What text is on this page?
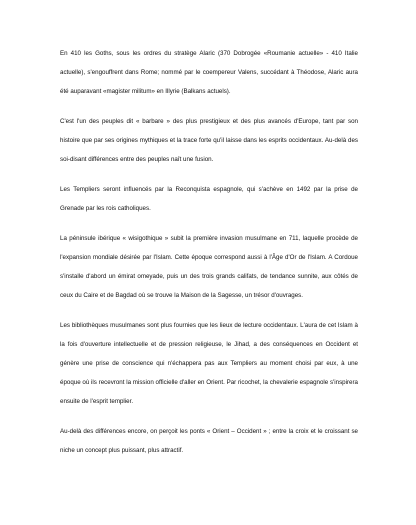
En 410 les Goths, sous les ordres du stratège Alaric (370 Dobrogée «Roumanie actuelle» - 410 Italie actuelle), s'engouffrent dans Rome; nommé par le coempereur Valens, succédant à Théodose, Alaric aura été auparavant «magister militum» en Illyrie (Balkans actuels).

C'est l'un des peuples dit « barbare » des plus prestigieux et des plus avancés d'Europe, tant par son histoire que par ses origines mythiques et la trace forte qu'il laisse dans les esprits occidentaux. Au-delà des soi-disant différences entre des peuples naît une fusion.

Les Templiers seront influencés par la Reconquista espagnole, qui s'achève en 1492 par la prise de Grenade par les rois catholiques.

La péninsule ibérique « wisigothique » subit la première invasion musulmane en 711, laquelle procède de l'expansion mondiale désirée par l'Islam. Cette époque correspond aussi à l'Âge d'Or de l'Islam. A Cordoue s'installe d'abord un émirat omeyade, puis un des trois grands califats, de tendance sunnite, aux côtés de ceux du Caire et de Bagdad où se trouve la Maison de la Sagesse, un trésor d'ouvrages.

Les bibliothèques musulmanes sont plus fournies que les lieux de lecture occidentaux. L'aura de cet Islam à la fois d'ouverture intellectuelle et de pression religieuse, le Jihad, a des conséquences en Occident et génère une prise de conscience qui n'échappera pas aux Templiers au moment choisi par eux, à une époque où ils recevront la mission officielle d'aller en Orient. Par ricochet, la chevalerie espagnole s'inspirera ensuite de l'esprit templier.

Au-delà des différences encore, on perçoit les ponts « Orient – Occident » ; entre la croix et le croissant se niche un concept plus puissant, plus attractif.
